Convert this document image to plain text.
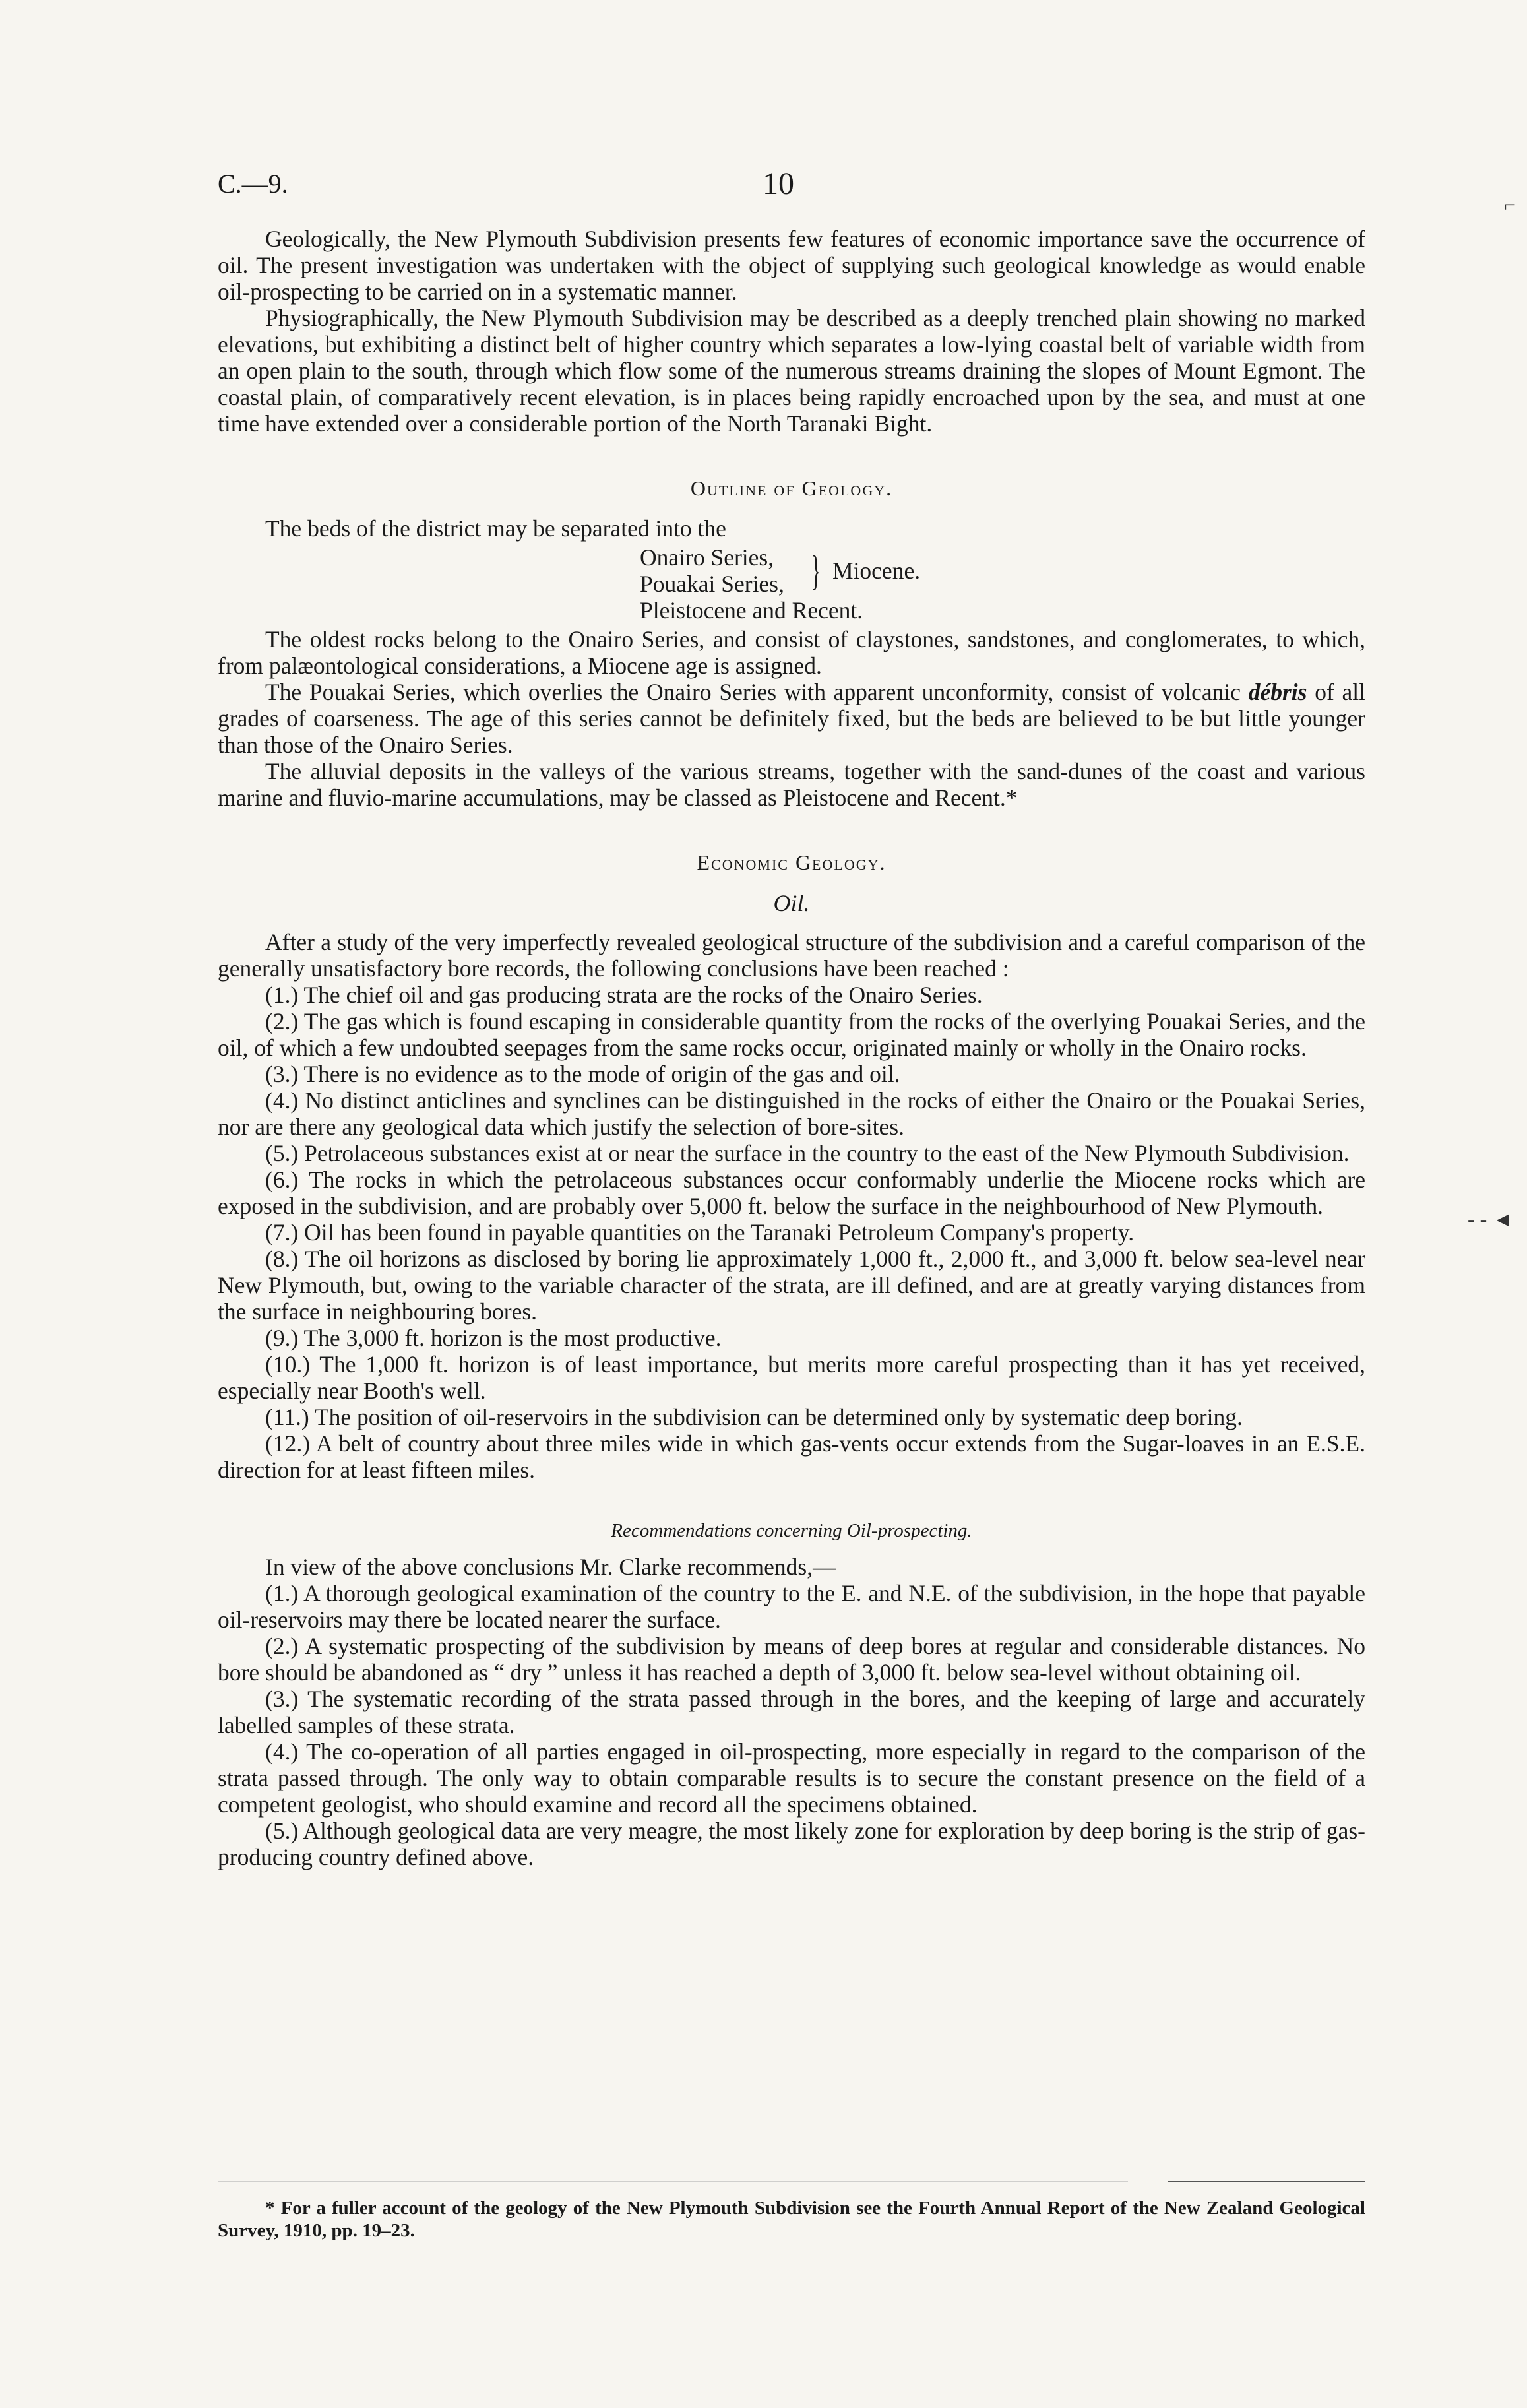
C.—9.	10
⌐
- - ◄

Geologically, the New Plymouth Subdivision presents few features of economic importance save the occurrence of oil. The present investigation was undertaken with the object of supplying such geological knowledge as would enable oil-prospecting to be carried on in a systematic manner.

Physiographically, the New Plymouth Subdivision may be described as a deeply trenched plain showing no marked elevations, but exhibiting a distinct belt of higher country which separates a low-lying coastal belt of variable width from an open plain to the south, through which flow some of the numerous streams draining the slopes of Mount Egmont. The coastal plain, of comparatively recent elevation, is in places being rapidly encroached upon by the sea, and must at one time have extended over a considerable portion of the North Taranaki Bight.

Outline of Geology.

The beds of the district may be separated into the

Onairo Series,
Pouakai Series, } Miocene.
Pleistocene and Recent.

The oldest rocks belong to the Onairo Series, and consist of claystones, sandstones, and conglomerates, to which, from palæontological considerations, a Miocene age is assigned.

The Pouakai Series, which overlies the Onairo Series with apparent unconformity, consist of volcanic débris of all grades of coarseness. The age of this series cannot be definitely fixed, but the beds are believed to be but little younger than those of the Onairo Series.

The alluvial deposits in the valleys of the various streams, together with the sand-dunes of the coast and various marine and fluvio-marine accumulations, may be classed as Pleistocene and Recent.*

Economic Geology.
Oil.

After a study of the very imperfectly revealed geological structure of the subdivision and a careful comparison of the generally unsatisfactory bore records, the following conclusions have been reached :

(1.) The chief oil and gas producing strata are the rocks of the Onairo Series.

(2.) The gas which is found escaping in considerable quantity from the rocks of the overlying Pouakai Series, and the oil, of which a few undoubted seepages from the same rocks occur, originated mainly or wholly in the Onairo rocks.

(3.) There is no evidence as to the mode of origin of the gas and oil.

(4.) No distinct anticlines and synclines can be distinguished in the rocks of either the Onairo or the Pouakai Series, nor are there any geological data which justify the selection of bore-sites.

(5.) Petrolaceous substances exist at or near the surface in the country to the east of the New Plymouth Subdivision.

(6.) The rocks in which the petrolaceous substances occur conformably underlie the Miocene rocks which are exposed in the subdivision, and are probably over 5,000 ft. below the surface in the neighbourhood of New Plymouth.

(7.) Oil has been found in payable quantities on the Taranaki Petroleum Company's property.

(8.) The oil horizons as disclosed by boring lie approximately 1,000 ft., 2,000 ft., and 3,000 ft. below sea-level near New Plymouth, but, owing to the variable character of the strata, are ill defined, and are at greatly varying distances from the surface in neighbouring bores.

(9.) The 3,000 ft. horizon is the most productive.

(10.) The 1,000 ft. horizon is of least importance, but merits more careful prospecting than it has yet received, especially near Booth's well.

(11.) The position of oil-reservoirs in the subdivision can be determined only by systematic deep boring.

(12.) A belt of country about three miles wide in which gas-vents occur extends from the Sugar-loaves in an E.S.E. direction for at least fifteen miles.

Recommendations concerning Oil-prospecting.

In view of the above conclusions Mr. Clarke recommends,—

(1.) A thorough geological examination of the country to the E. and N.E. of the subdivision, in the hope that payable oil-reservoirs may there be located nearer the surface.

(2.) A systematic prospecting of the subdivision by means of deep bores at regular and considerable distances. No bore should be abandoned as “ dry ” unless it has reached a depth of 3,000 ft. below sea-level without obtaining oil.

(3.) The systematic recording of the strata passed through in the bores, and the keeping of large and accurately labelled samples of these strata.

(4.) The co-operation of all parties engaged in oil-prospecting, more especially in regard to the comparison of the strata passed through. The only way to obtain comparable results is to secure the constant presence on the field of a competent geologist, who should examine and record all the specimens obtained.

(5.) Although geological data are very meagre, the most likely zone for exploration by deep boring is the strip of gas-producing country defined above.

* For a fuller account of the geology of the New Plymouth Subdivision see the Fourth Annual Report of the New Zealand Geological Survey, 1910, pp. 19–23.
